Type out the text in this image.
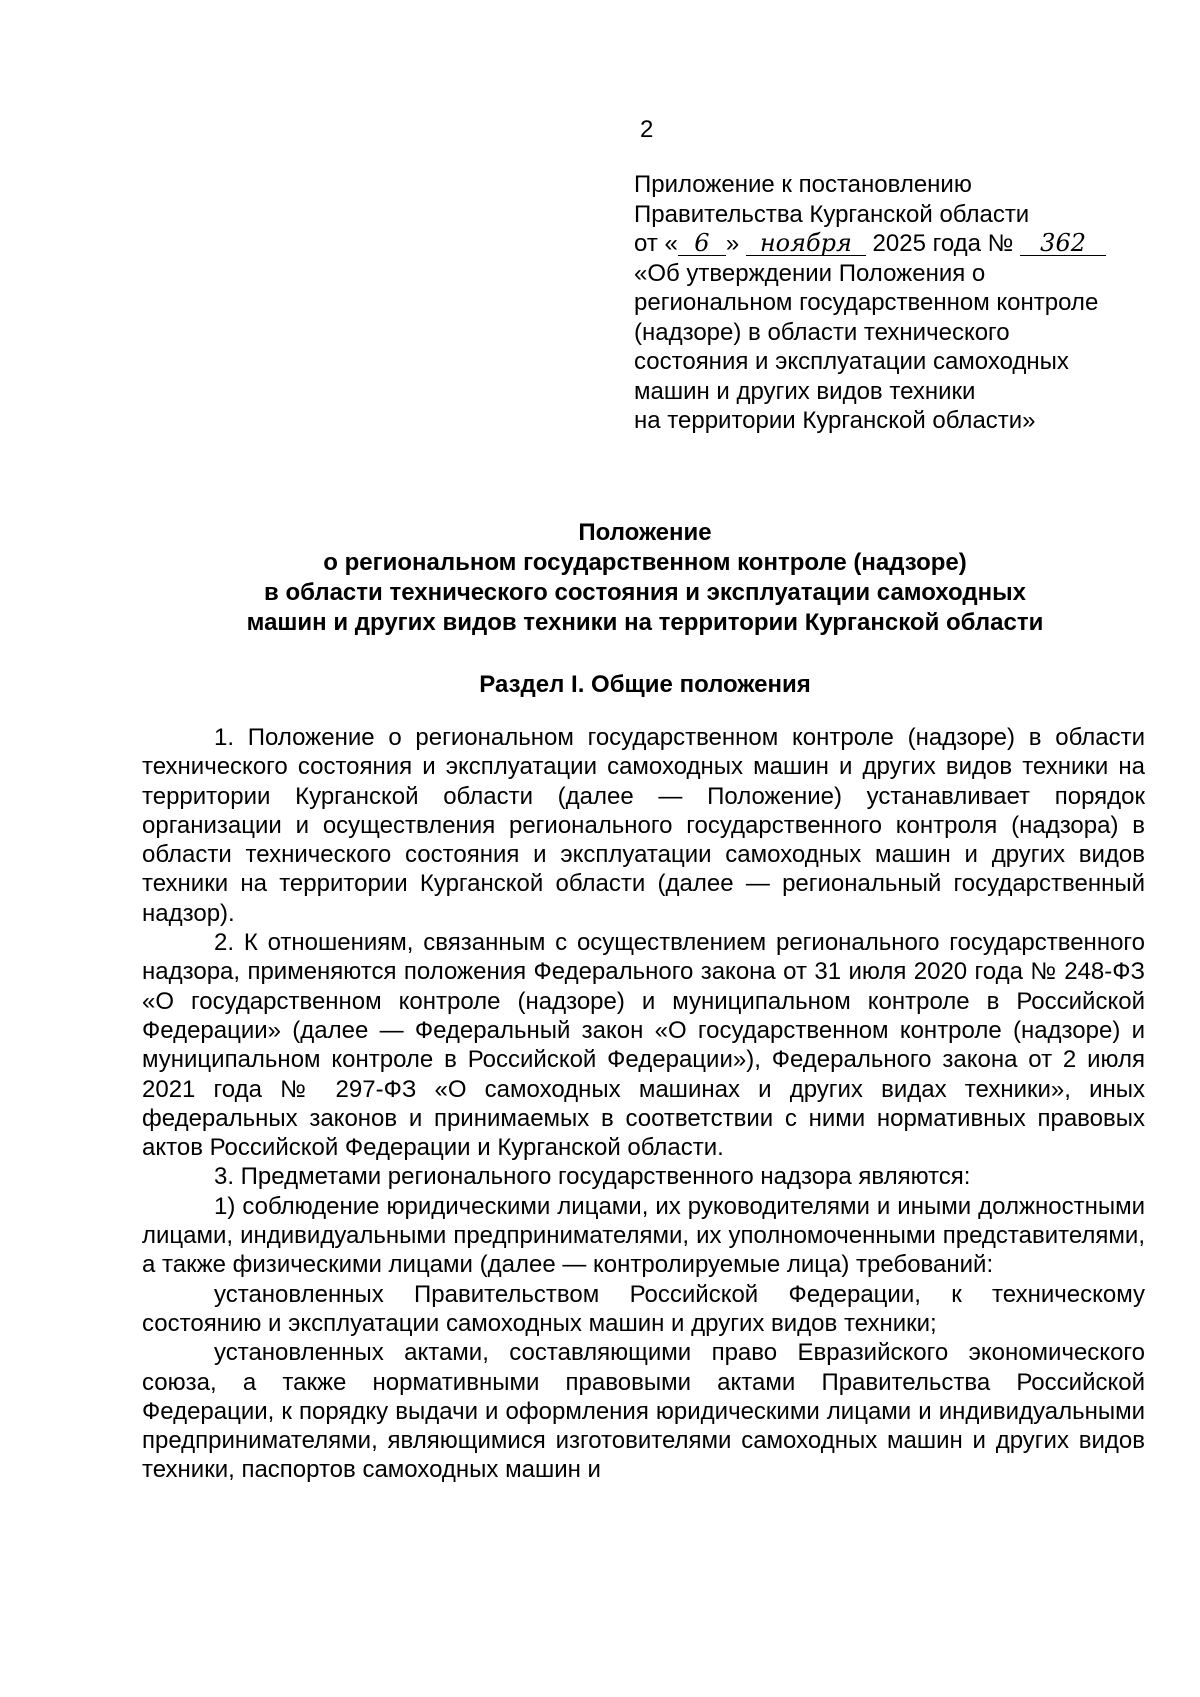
2
Приложение к постановлению
Правительства Курганской области
от « 6 » ноября 2025 года № 362
«Об утверждении Положения о
региональном государственном контроле
(надзоре) в области технического
состояния и эксплуатации самоходных
машин и других видов техники
на территории Курганской области»
Положение
о региональном государственном контроле (надзоре)
в области технического состояния и эксплуатации самоходных
машин и других видов техники на территории Курганской области
Раздел I. Общие положения

1. Положение о региональном государственном контроле (надзоре) в области технического состояния и эксплуатации самоходных машин и других видов техники на территории Курганской области (далее — Положение) устанавливает порядок организации и осуществления регионального государственного контроля (надзора) в области технического состояния и эксплуатации самоходных машин и других видов техники на территории Курганской области (далее — региональный государственный надзор).

2. К отношениям, связанным с осуществлением регионального государственного надзора, применяются положения Федерального закона от 31 июля 2020 года № 248-ФЗ «О государственном контроле (надзоре) и муниципальном контроле в Российской Федерации» (далее — Федеральный закон «О государственном контроле (надзоре) и муниципальном контроле в Российской Федерации»), Федерального закона от 2 июля 2021 года № 297-ФЗ «О самоходных машинах и других видах техники», иных федеральных законов и принимаемых в соответствии с ними нормативных правовых актов Российской Федерации и Курганской области.

3. Предметами регионального государственного надзора являются:

1) соблюдение юридическими лицами, их руководителями и иными должностными лицами, индивидуальными предпринимателями, их уполномоченными представителями, а также физическими лицами (далее — контролируемые лица) требований:

установленных Правительством Российской Федерации, к техническому состоянию и эксплуатации самоходных машин и других видов техники;

установленных актами, составляющими право Евразийского экономического союза, а также нормативными правовыми актами Правительства Российской Федерации, к порядку выдачи и оформления юридическими лицами и индивидуальными предпринимателями, являющимися изготовителями самоходных машин и других видов техники, паспортов самоходных машин и
